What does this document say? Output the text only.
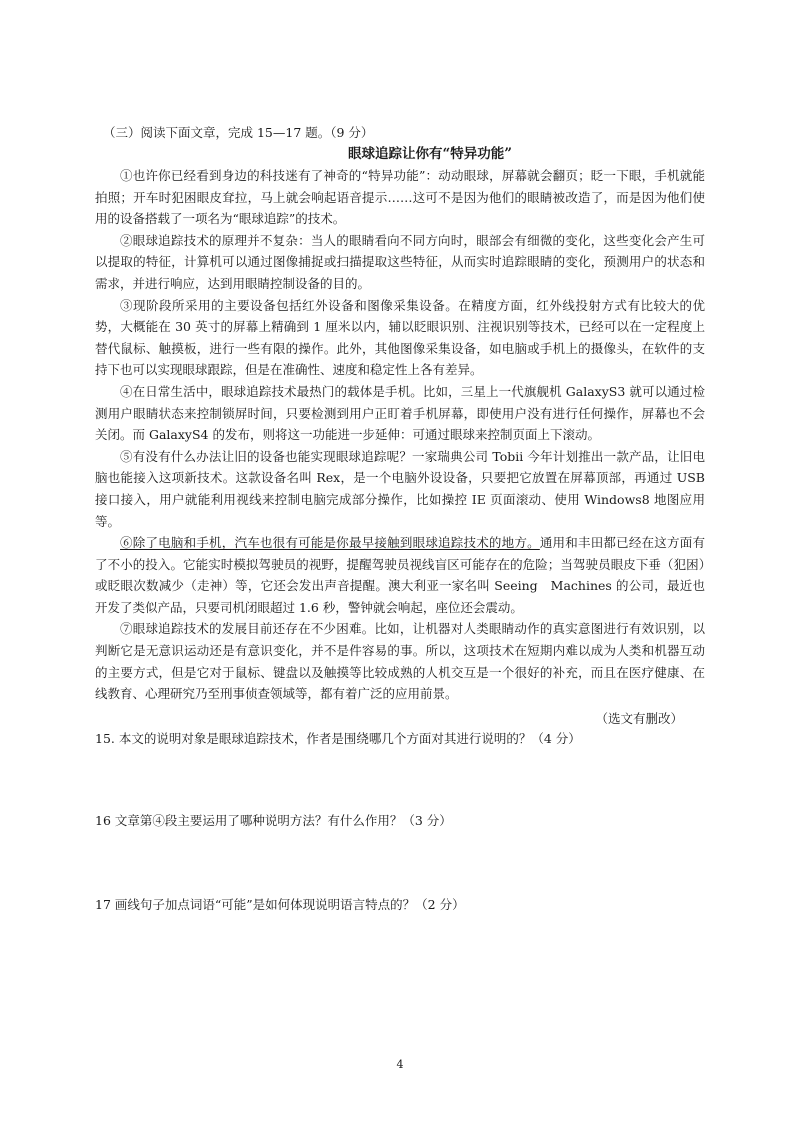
（三）阅读下面文章，完成 15—17 题。（9 分）
眼球追踪让你有“特异功能”

①也许你已经看到身边的科技迷有了神奇的“特异功能”：动动眼球，屏幕就会翻页；眨一下眼，手机就能拍照；开车时犯困眼皮耷拉，马上就会响起语音提示……这可不是因为他们的眼睛被改造了，而是因为他们使用的设备搭载了一项名为“眼球追踪”的技术。

②眼球追踪技术的原理并不复杂：当人的眼睛看向不同方向时，眼部会有细微的变化，这些变化会产生可以提取的特征，计算机可以通过图像捕捉或扫描提取这些特征，从而实时追踪眼睛的变化，预测用户的状态和需求，并进行响应，达到用眼睛控制设备的目的。

③现阶段所采用的主要设备包括红外设备和图像采集设备。在精度方面，红外线投射方式有比较大的优势，大概能在 30 英寸的屏幕上精确到 1 厘米以内，辅以眨眼识别、注视识别等技术，已经可以在一定程度上替代鼠标、触摸板，进行一些有限的操作。此外，其他图像采集设备，如电脑或手机上的摄像头，在软件的支持下也可以实现眼球跟踪，但是在准确性、速度和稳定性上各有差异。

④在日常生活中，眼球追踪技术最热门的载体是手机。比如，三星上一代旗舰机 GalaxyS3 就可以通过检测用户眼睛状态来控制锁屏时间，只要检测到用户正盯着手机屏幕，即使用户没有进行任何操作，屏幕也不会关闭。而 GalaxyS4 的发布，则将这一功能进一步延伸：可通过眼球来控制页面上下滚动。

⑤有没有什么办法让旧的设备也能实现眼球追踪呢？一家瑞典公司 Tobii 今年计划推出一款产品，让旧电脑也能接入这项新技术。这款设备名叫 Rex，是一个电脑外设设备，只要把它放置在屏幕顶部，再通过 USB 接口接入，用户就能利用视线来控制电脑完成部分操作，比如操控 IE 页面滚动、使用 Windows8 地图应用等。

⑥除了电脑和手机，汽车也很有可能是你最早接触到眼球追踪技术的地方。通用和丰田都已经在这方面有了不小的投入。它能实时模拟驾驶员的视野，提醒驾驶员视线盲区可能存在的危险；当驾驶员眼皮下垂（犯困）或眨眼次数减少（走神）等，它还会发出声音提醒。澳大利亚一家名叫 Seeing　Machines 的公司，最近也开发了类似产品，只要司机闭眼超过 1.6 秒，警钟就会响起，座位还会震动。

⑦眼球追踪技术的发展目前还存在不少困难。比如，让机器对人类眼睛动作的真实意图进行有效识别，以判断它是无意识运动还是有意识变化，并不是件容易的事。所以，这项技术在短期内难以成为人类和机器互动的主要方式，但是它对于鼠标、键盘以及触摸等比较成熟的人机交互是一个很好的补充，而且在医疗健康、在线教育、心理研究乃至刑事侦查领域等，都有着广泛的应用前景。

（选文有删改）

15. 本文的说明对象是眼球追踪技术，作者是围绕哪几个方面对其进行说明的？（4 分）

16 文章第④段主要运用了哪种说明方法？有什么作用？（3 分）

17 画线句子加点词语“可能”是如何体现说明语言特点的？（2 分）

4
